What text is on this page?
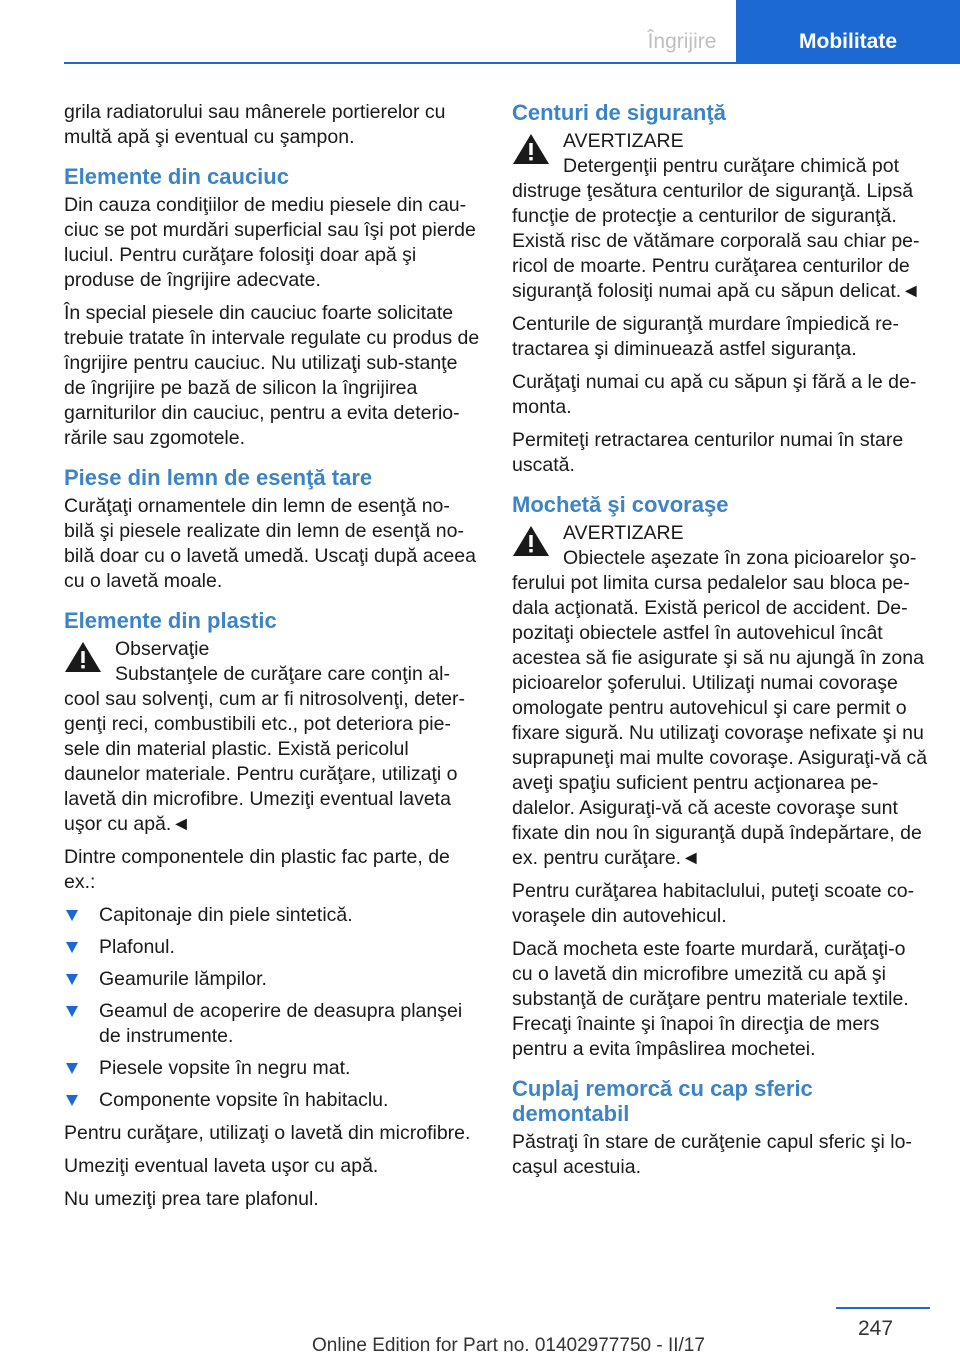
Îngrijire	Mobilitate

grila radiatorului sau mânerele portierelor cu multă apă şi eventual cu şampon.

Elemente din cauciuc

Din cauza condiţiilor de mediu piesele din cau‐ciuc se pot murdări superficial sau îşi pot pierde luciul. Pentru curăţare folosiţi doar apă şi produse de îngrijire adecvate.

În special piesele din cauciuc foarte solicitate trebuie tratate în intervale regulate cu produs de îngrijire pentru cauciuc. Nu utilizaţi sub‐stanţe de îngrijire pe bază de silicon la îngrijirea garniturilor din cauciuc, pentru a evita deterio‐rările sau zgomotele.

Piese din lemn de esenţă tare

Curăţaţi ornamentele din lemn de esenţă no‐bilă şi piesele realizate din lemn de esenţă no‐bilă doar cu o lavetă umedă. Uscaţi după aceea cu o lavetă moale.

Elemente din plastic
Observaţie
Substanţele de curăţare care conţin al‐cool sau solvenţi, cum ar fi nitrosolvenţi, deter‐genţi reci, combustibili etc., pot deteriora pie‐sele din material plastic. Există pericolul daunelor materiale. Pentru curăţare, utilizaţi o lavetă din microfibre. Umeziţi eventual laveta uşor cu apă.◄

Dintre componentele din plastic fac parte, de ex.:

Capitonaje din piele sintetică.
Plafonul.
Geamurile lămpilor.
Geamul de acoperire de deasupra planşei de instrumente.
Piesele vopsite în negru mat.
Componente vopsite în habitaclu.

Pentru curăţare, utilizaţi o lavetă din microfibre.

Umeziţi eventual laveta uşor cu apă.

Nu umeziţi prea tare plafonul.

Centuri de siguranţă
AVERTIZARE
Detergenţii pentru curăţare chimică pot distruge ţesătura centurilor de siguranţă. Lipsă funcţie de protecţie a centurilor de siguranţă. Există risc de vătămare corporală sau chiar pe‐ricol de moarte. Pentru curăţarea centurilor de siguranţă folosiţi numai apă cu săpun delicat.◄

Centurile de siguranţă murdare împiedică re‐tractarea şi diminuează astfel siguranţa.

Curăţaţi numai cu apă cu săpun şi fără a le de‐monta.

Permiteţi retractarea centurilor numai în stare uscată.

Mochetă şi covoraşe
AVERTIZARE
Obiectele aşezate în zona picioarelor şo‐ferului pot limita cursa pedalelor sau bloca pe‐dala acţionată. Există pericol de accident. De‐pozitaţi obiectele astfel în autovehicul încât acestea să fie asigurate şi să nu ajungă în zona picioarelor şoferului. Utilizaţi numai covoraşe omologate pentru autovehicul şi care permit o fixare sigură. Nu utilizaţi covoraşe nefixate şi nu suprapuneţi mai multe covoraşe. Asiguraţi-vă că aveţi spaţiu suficient pentru acţionarea pe‐dalelor. Asiguraţi-vă că aceste covoraşe sunt fixate din nou în siguranţă după îndepărtare, de ex. pentru curăţare.◄

Pentru curăţarea habitaclului, puteţi scoate co‐voraşele din autovehicul.

Dacă mocheta este foarte murdară, curăţaţi-o cu o lavetă din microfibre umezită cu apă şi substanţă de curăţare pentru materiale textile. Frecaţi înainte şi înapoi în direcţia de mers pentru a evita împâslirea mochetei.

Cuplaj remorcă cu cap sferic demontabil

Păstraţi în stare de curăţenie capul sferic şi lo‐caşul acestuia.

247
Online Edition for Part no. 01402977750 - II/17
